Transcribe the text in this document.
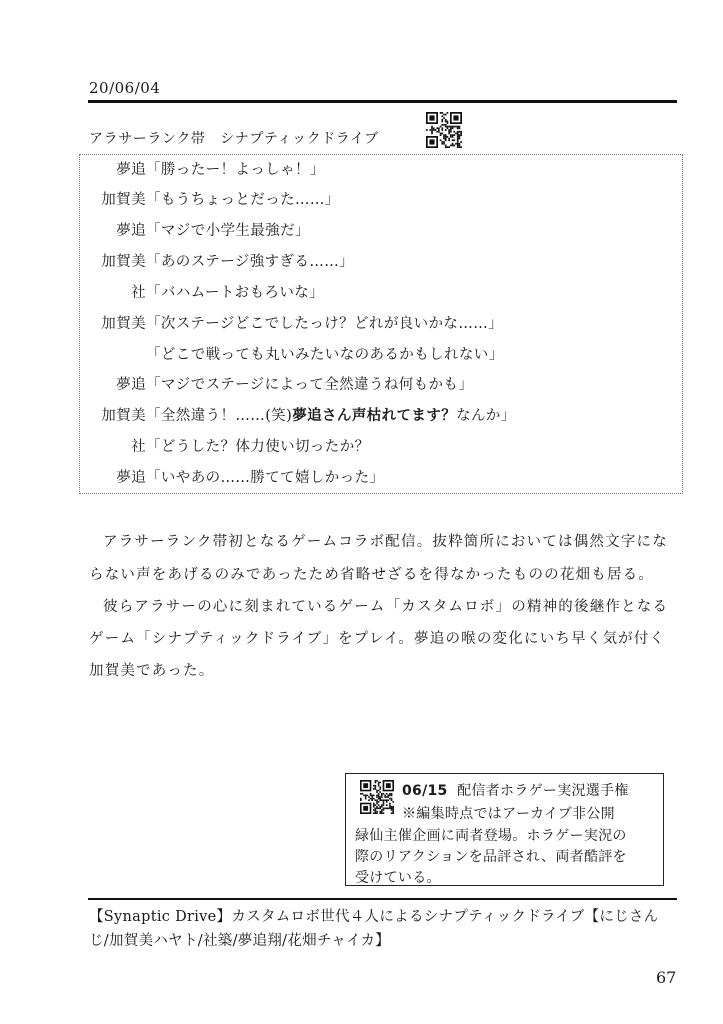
20/06/04
アラサーランク帯　シナプティックドライブ
夢追「勝ったー！よっしゃ！」
加賀美「もうちょっとだった……」
夢追「マジで小学生最強だ」
加賀美「あのステージ強すぎる……」
社「バハムートおもろいな」
加賀美「次ステージどこでしたっけ？どれが良いかな……」
「どこで戦っても丸いみたいなのあるかもしれない」
夢追「マジでステージによって全然違うね何もかも」
加賀美「全然違う！……(笑)夢追さん声枯れてます？なんか」
社「どうした？体力使い切ったか？
夢追「いやあの……勝てて嬉しかった」
アラサーランク帯初となるゲームコラボ配信。抜粋箇所においては偶然文字にな
らない声をあげるのみであったため省略せざるを得なかったものの花畑も居る。
彼らアラサーの心に刻まれているゲーム「カスタムロボ」の精神的後継作となる
ゲーム「シナプティックドライブ」をプレイ。夢追の喉の変化にいち早く気が付く
加賀美であった。
06/15 配信者ホラゲー実況選手権
※編集時点ではアーカイブ非公開
緑仙主催企画に両者登場。ホラゲー実況の
際のリアクションを品評され、両者酷評を
受けている。
【Synaptic Drive】カスタムロボ世代４人によるシナプティックドライブ【にじさん
じ/加賀美ハヤト/社築/夢追翔/花畑チャイカ】
67
